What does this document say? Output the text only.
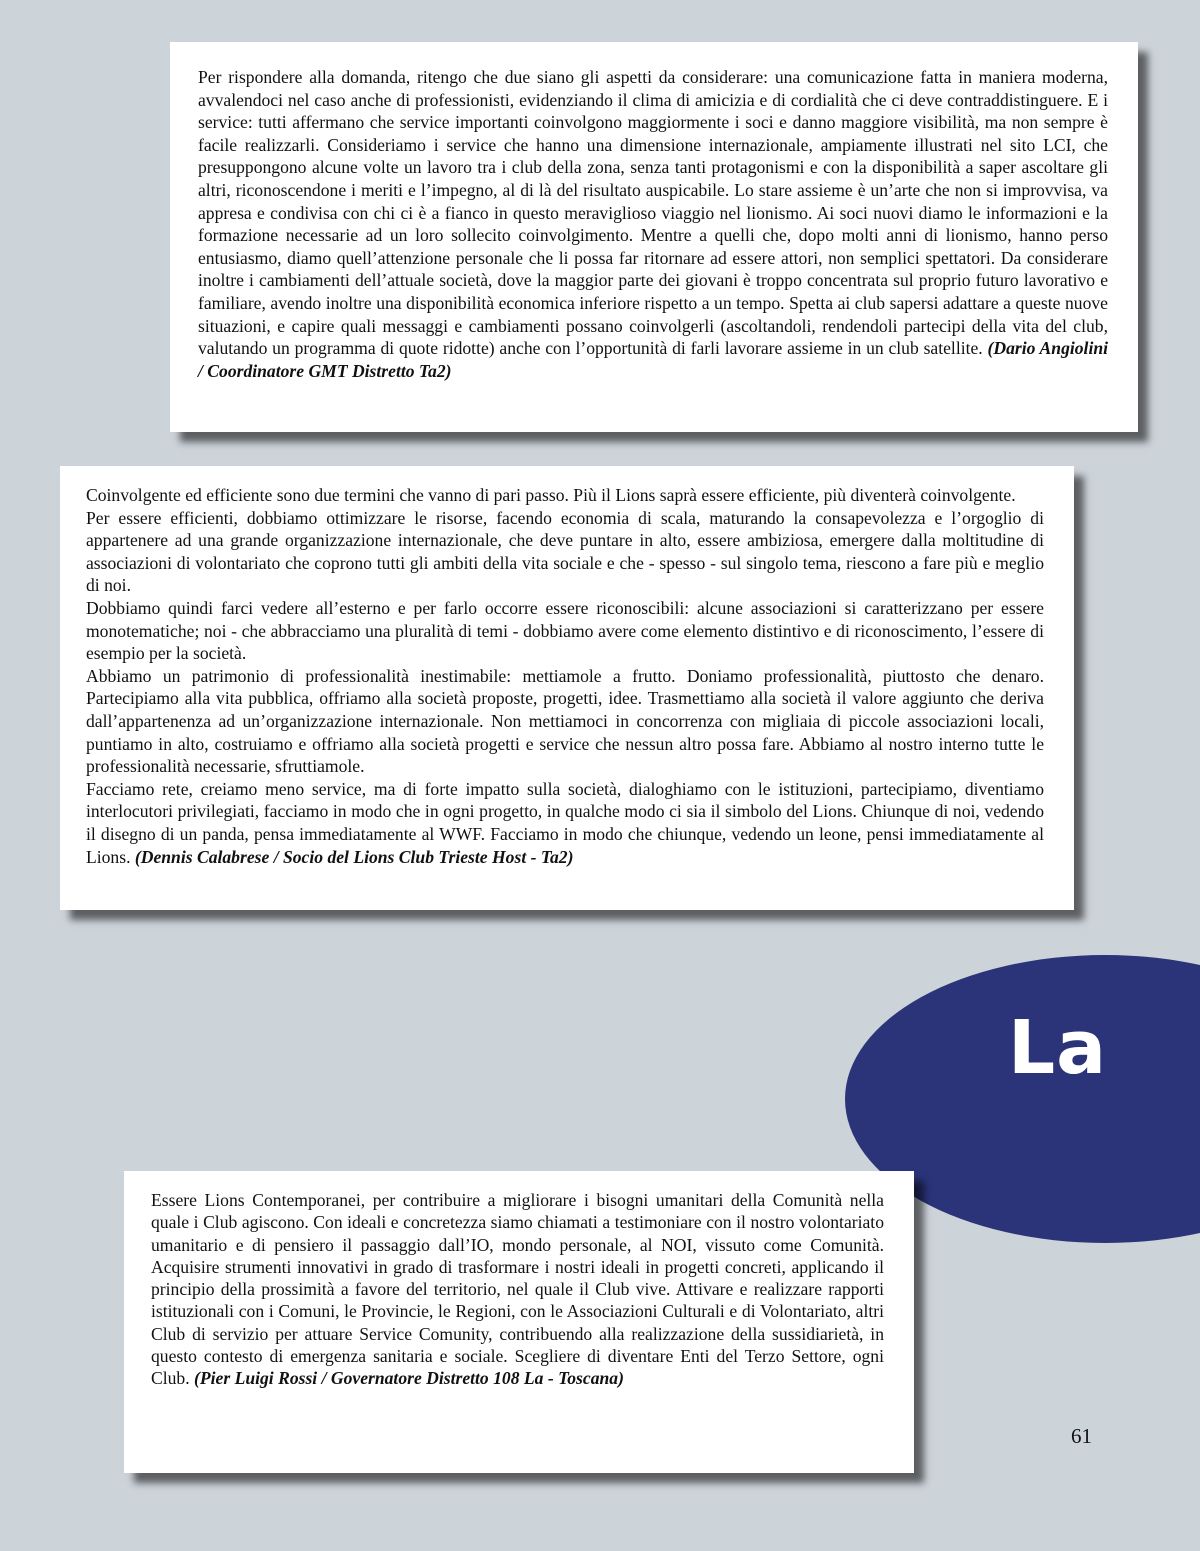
La

Per rispondere alla domanda, ritengo che due siano gli aspetti da considerare: una comunicazione fatta in maniera moderna, avvalendoci nel caso anche di professionisti, evidenziando il clima di amicizia e di cordialità che ci deve contraddistinguere. E i service: tutti affermano che service importanti coinvolgono maggiormente i soci e danno maggiore visibilità, ma non sempre è facile realizzarli. Consideriamo i service che hanno una dimensione internazionale, ampiamente illustrati nel sito LCI, che presuppongono alcune volte un lavoro tra i club della zona, senza tanti protagonismi e con la disponibilità a saper ascoltare gli altri, riconoscendone i meriti e l’impegno, al di là del risultato auspicabile. Lo stare assieme è un’arte che non si improvvisa, va appresa e condivisa con chi ci è a fianco in questo meraviglioso viaggio nel lionismo. Ai soci nuovi diamo le informazioni e la formazione necessarie ad un loro sollecito coinvolgimento. Mentre a quelli che, dopo molti anni di lionismo, hanno perso entusiasmo, diamo quell’attenzione personale che li possa far ritornare ad essere attori, non semplici spettatori. Da considerare inoltre i cambiamenti dell’attuale società, dove la maggior parte dei giovani è troppo concentrata sul proprio futuro lavorativo e familiare, avendo inoltre una disponibilità economica inferiore rispetto a un tempo. Spetta ai club sapersi adattare a queste nuove situazioni, e capire quali messaggi e cambiamenti possano coinvolgerli (ascoltandoli, rendendoli partecipi della vita del club, valutando un programma di quote ridotte) anche con l’opportunità di farli lavorare assieme in un club satellite. (Dario Angiolini / Coordinatore GMT Distretto Ta2)

Coinvolgente ed efficiente sono due termini che vanno di pari passo. Più il Lions saprà essere efficiente, più diventerà coinvolgente.

Per essere efficienti, dobbiamo ottimizzare le risorse, facendo economia di scala, maturando la consapevolezza e l’orgoglio di appartenere ad una grande organizzazione internazionale, che deve puntare in alto, essere ambiziosa, emergere dalla moltitudine di associazioni di volontariato che coprono tutti gli ambiti della vita sociale e che - spesso - sul singolo tema, riescono a fare più e meglio di noi.

Dobbiamo quindi farci vedere all’esterno e per farlo occorre essere riconoscibili: alcune associazioni si caratterizzano per essere monotematiche; noi - che abbracciamo una pluralità di temi - dobbiamo avere come elemento distintivo e di riconoscimento, l’essere di esempio per la società.

Abbiamo un patrimonio di professionalità inestimabile: mettiamole a frutto. Doniamo professionalità, piuttosto che denaro. Partecipiamo alla vita pubblica, offriamo alla società proposte, progetti, idee. Trasmettiamo alla società il valore aggiunto che deriva dall’appartenenza ad un’organizzazione internazionale. Non mettiamoci in concorrenza con migliaia di piccole associazioni locali, puntiamo in alto, costruiamo e offriamo alla società progetti e service che nessun altro possa fare. Abbiamo al nostro interno tutte le professionalità necessarie, sfruttiamole.

Facciamo rete, creiamo meno service, ma di forte impatto sulla società, dialoghiamo con le istituzioni, partecipiamo, diventiamo interlocutori privilegiati, facciamo in modo che in ogni progetto, in qualche modo ci sia il simbolo del Lions. Chiunque di noi, vedendo il disegno di un panda, pensa immediatamente al WWF. Facciamo in modo che chiunque, vedendo un leone, pensi immediatamente al Lions. (Dennis Calabrese / Socio del Lions Club Trieste Host - Ta2)

Essere Lions Contemporanei, per contribuire a migliorare i bisogni umanitari della Comunità nella quale i Club agiscono. Con ideali e concretezza siamo chiamati a testimoniare con il nostro volontariato umanitario e di pensiero il passaggio dall’IO, mondo personale, al NOI, vissuto come Comunità. Acquisire strumenti innovativi in grado di trasformare i nostri ideali in progetti concreti, applicando il principio della prossimità a favore del territorio, nel quale il Club vive. Attivare e realizzare rapporti istituzionali con i Comuni, le Provincie, le Regioni, con le Associazioni Culturali e di Volontariato, altri Club di servizio per attuare Service Comunity, contribuendo alla realizzazione della sussidiarietà, in questo contesto di emergenza sanitaria e sociale. Scegliere di diventare Enti del Terzo Settore, ogni Club. (Pier Luigi Rossi / Governatore Distretto 108 La - Toscana)

61
